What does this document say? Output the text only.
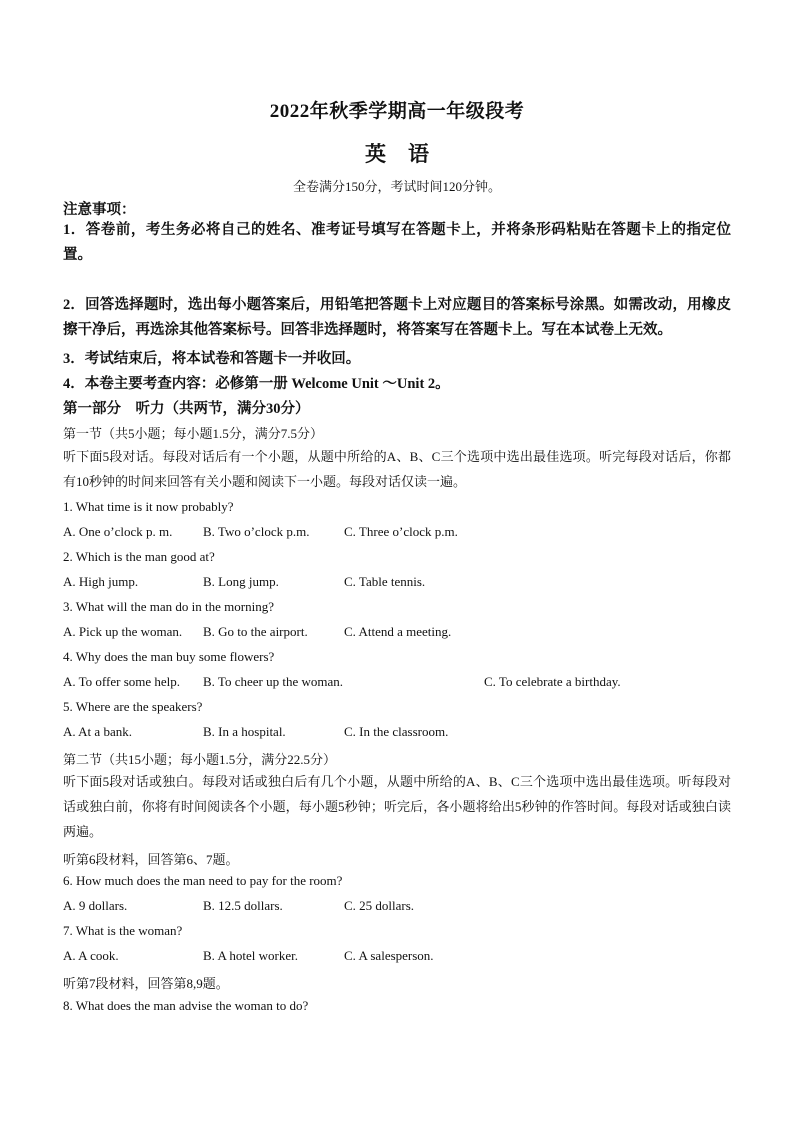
2022年秋季学期高一年级段考
英语
全卷满分150分，考试时间120分钟。
注意事项：
1．答卷前，考生务必将自己的姓名、准考证号填写在答题卡上，并将条形码粘贴在答题卡上的指定位置。
2．回答选择题时，选出每小题答案后，用铅笔把答题卡上对应题目的答案标号涂黑。如需改动，用橡皮擦干净后，再选涂其他答案标号。回答非选择题时，将答案写在答题卡上。写在本试卷上无效。
3．考试结束后，将本试卷和答题卡一并收回。
4．本卷主要考查内容：必修第一册 Welcome Unit ～Unit 2。
第一部分　听力（共两节，满分30分）
第一节（共5小题；每小题1.5分，满分7.5分）
听下面5段对话。每段对话后有一个小题，从题中所给的A、B、C三个选项中选出最佳选项。听完每段对话后，你都有10秒钟的时间来回答有关小题和阅读下一小题。每段对话仅读一遍。
1. What time is it now probably?
A. One o’clock p. m. B. Two o’clock p.m.	C. Three o’clock p.m.
2. Which is the man good at?
A. High jump.	B. Long jump.	C. Table tennis.
3. What will the man do in the morning?
A. Pick up the woman. B. Go to the airport.	C. Attend a meeting.
4. Why does the man buy some flowers?
A. To offer some help. B. To cheer up the woman.	C. To celebrate a birthday.
5. Where are the speakers?
A. At a bank.	B. In a hospital.	C. In the classroom.
第二节（共15小题；每小题1.5分，满分22.5分）
听下面5段对话或独白。每段对话或独白后有几个小题，从题中所给的A、B、C三个选项中选出最佳选项。听每段对话或独白前，你将有时间阅读各个小题，每小题5秒钟；听完后，各小题将给出5秒钟的作答时间。每段对话或独白读两遍。
听第6段材料，回答第6、7题。
6. How much does the man need to pay for the room?
A. 9 dollars.	B. 12.5 dollars.	C. 25 dollars.
7. What is the woman?
A. A cook.	B. A hotel worker.	C. A salesperson.
听第7段材料，回答第8,9题。
8. What does the man advise the woman to do?
